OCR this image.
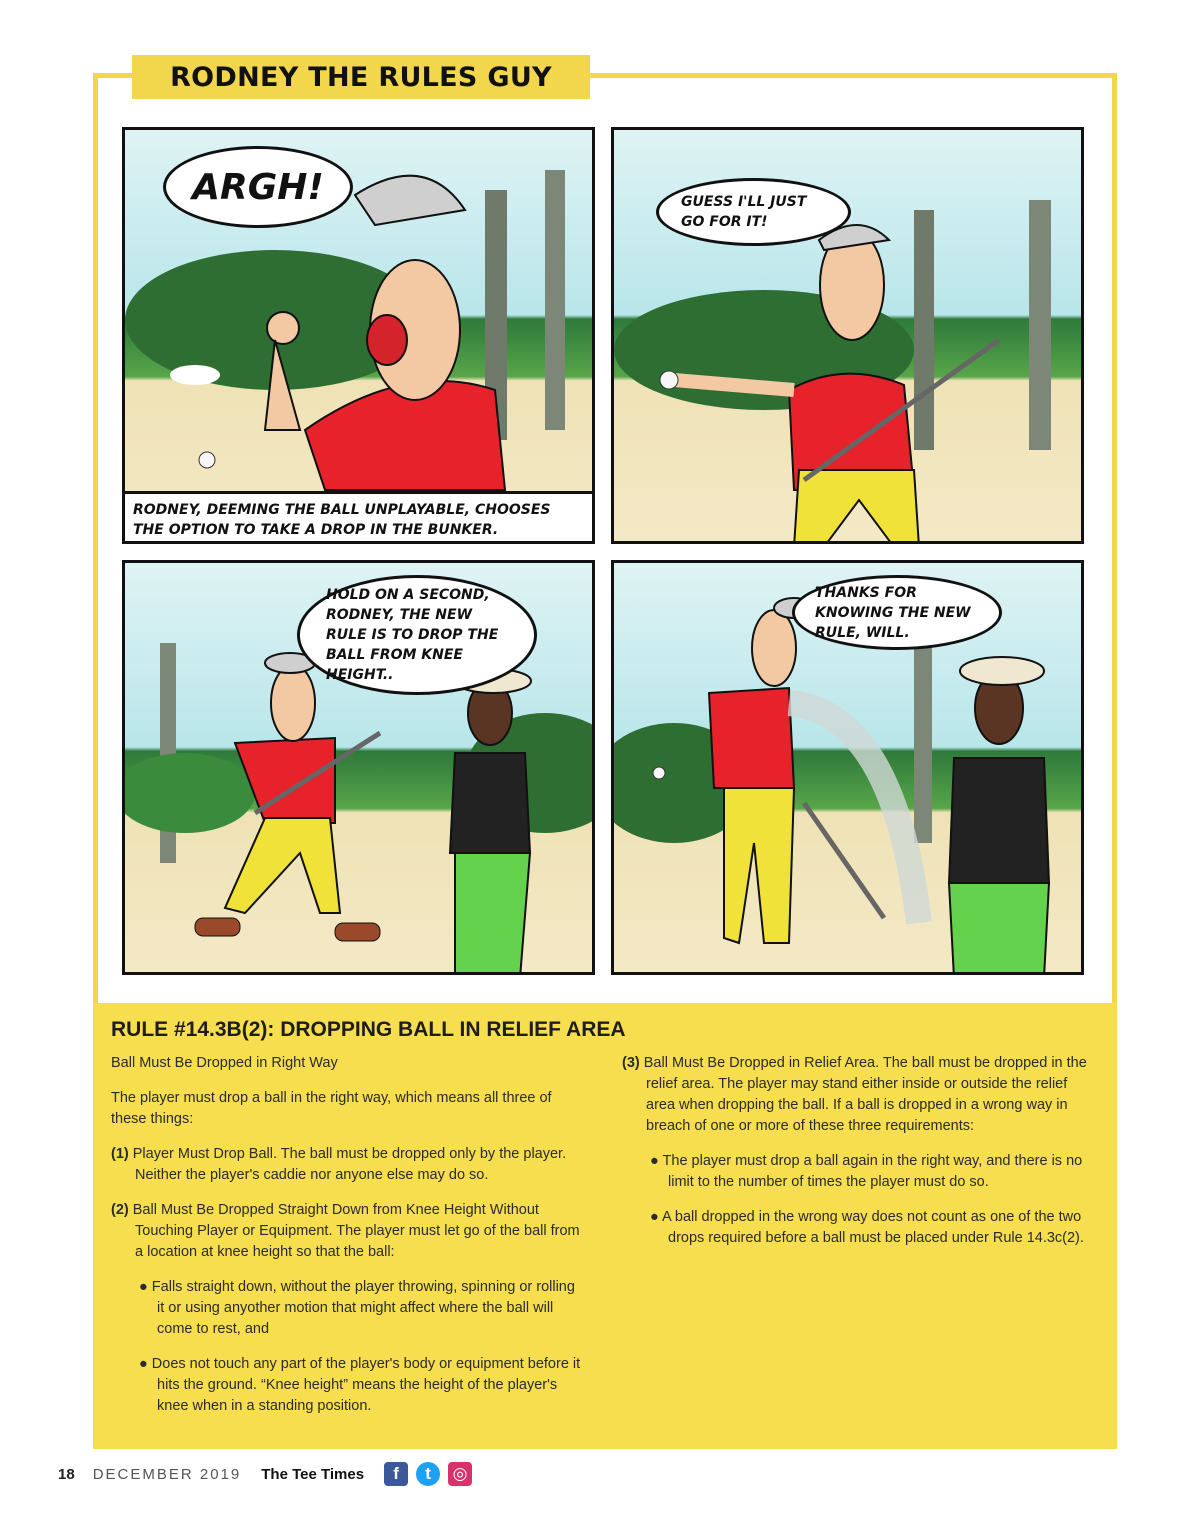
RODNEY THE RULES GUY
ARGH!
RODNEY, DEEMING THE BALL UNPLAYABLE, CHOOSES THE OPTION TO TAKE A DROP IN THE BUNKER.
GUESS I'LL JUST GO FOR IT!
HOLD ON A SECOND, RODNEY, THE NEW RULE IS TO DROP THE BALL FROM KNEE HEIGHT..
THANKS FOR KNOWING THE NEW RULE, WILL.
RULE #14.3B(2): DROPPING BALL IN RELIEF AREA

Ball Must Be Dropped in Right Way

The player must drop a ball in the right way, which means all three of these things:

(1) Player Must Drop Ball. The ball must be dropped only by the player. Neither the player's caddie nor anyone else may do so.

(2) Ball Must Be Dropped Straight Down from Knee Height Without Touching Player or Equipment. The player must let go of the ball from a location at knee height so that the ball:

● Falls straight down, without the player throwing, spinning or rolling it or using anyother motion that might affect where the ball will come to rest, and

● Does not touch any part of the player's body or equipment before it hits the ground. “Knee height” means the height of the player's knee when in a standing position.

(3) Ball Must Be Dropped in Relief Area. The ball must be dropped in the relief area. The player may stand either inside or outside the relief area when dropping the ball. If a ball is dropped in a wrong way in breach of one or more of these three requirements:

● The player must drop a ball again in the right way, and there is no limit to the number of times the player must do so.

● A ball dropped in the wrong way does not count as one of the two drops required before a ball must be placed under Rule 14.3c(2).

18 DECEMBER 2019 The Tee Times	f	t	◎
